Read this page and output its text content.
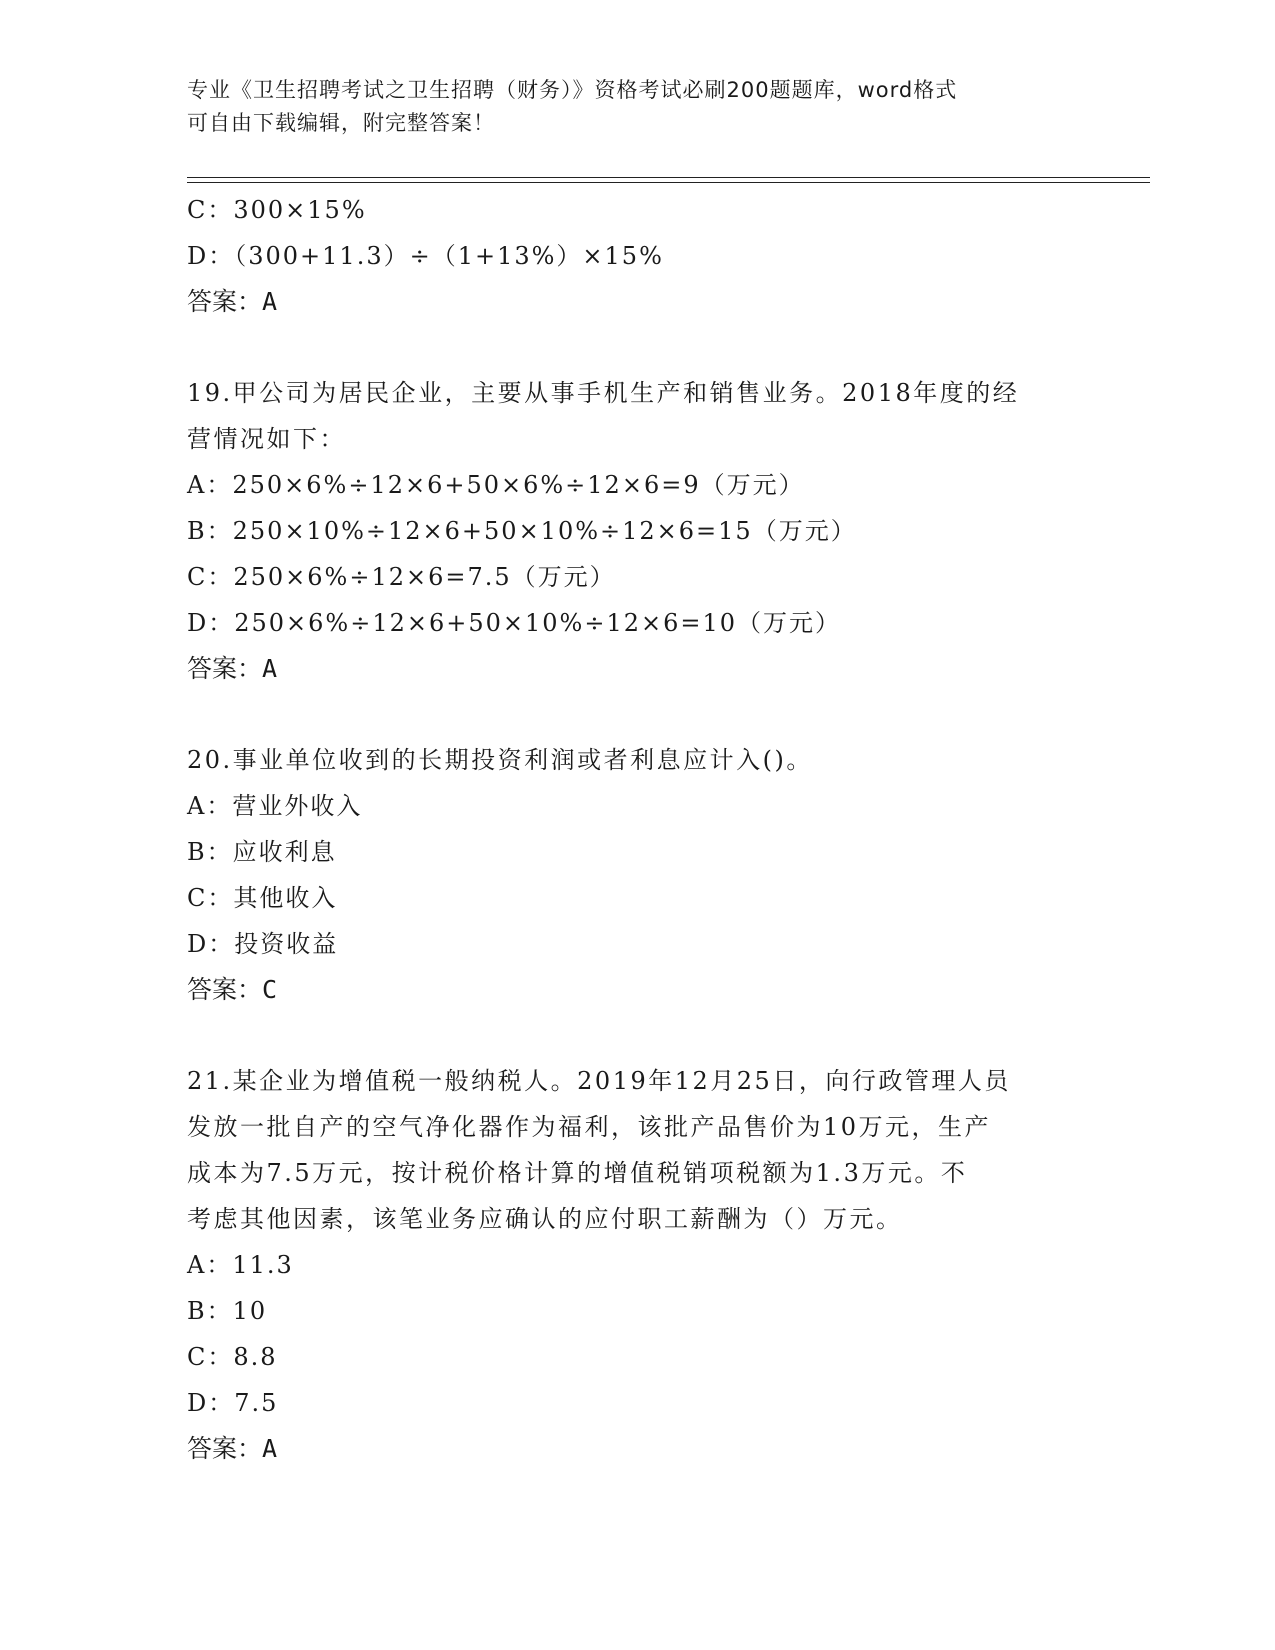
专业《卫生招聘考试之卫生招聘（财务）》资格考试必刷200题题库，word格式
可自由下载编辑，附完整答案！
C：300×15%
D：（300+11.3）÷（1+13%）×15%
答案：A
19.甲公司为居民企业，主要从事手机生产和销售业务。2018年度的经
营情况如下：
A：250×6%÷12×6+50×6%÷12×6=9（万元）
B：250×10%÷12×6+50×10%÷12×6=15（万元）
C：250×6%÷12×6=7.5（万元）
D：250×6%÷12×6+50×10%÷12×6=10（万元）
答案：A
20.事业单位收到的长期投资利润或者利息应计入()。
A：营业外收入
B：应收利息
C：其他收入
D：投资收益
答案：C
21.某企业为增值税一般纳税人。2019年12月25日，向行政管理人员
发放一批自产的空气净化器作为福利，该批产品售价为10万元，生产
成本为7.5万元，按计税价格计算的增值税销项税额为1.3万元。不
考虑其他因素，该笔业务应确认的应付职工薪酬为（）万元。
A：11.3
B：10
C：8.8
D：7.5
答案：A
